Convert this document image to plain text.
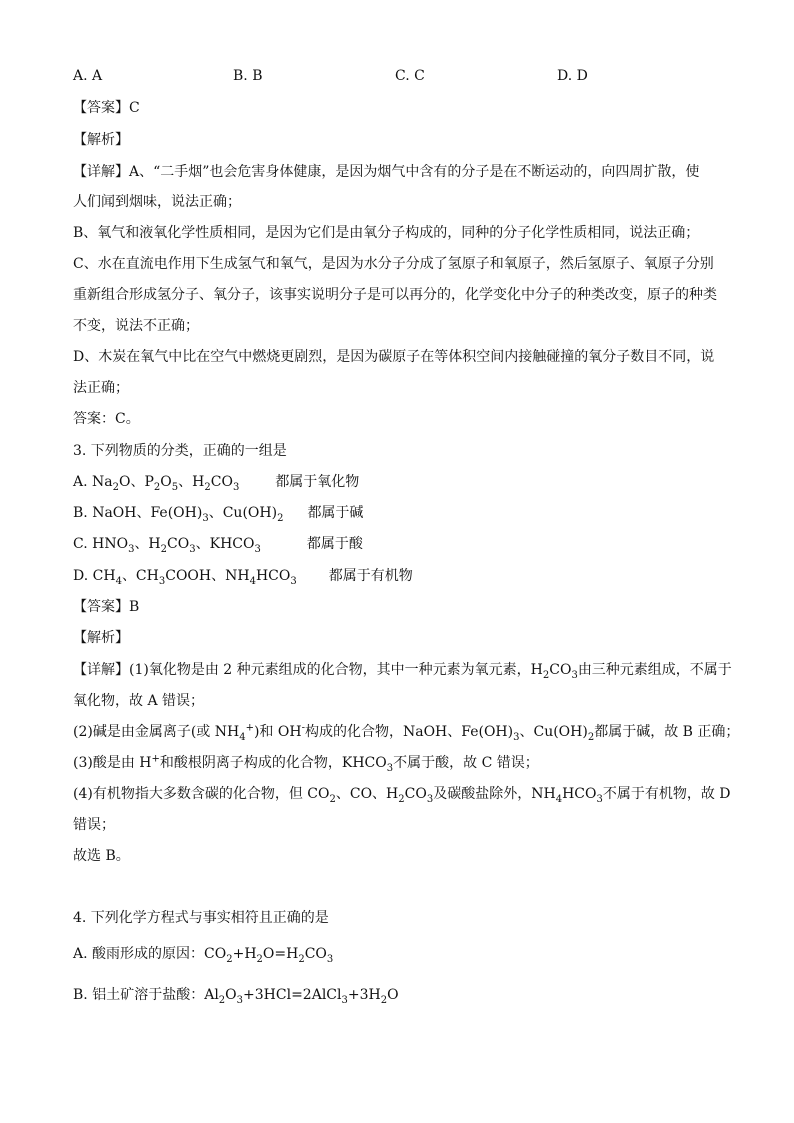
A. A	B. B	C. C	D. D
【答案】C
【解析】
【详解】A、“二手烟”也会危害身体健康，是因为烟气中含有的分子是在不断运动的，向四周扩散，使
人们闻到烟味，说法正确；
B、氧气和液氧化学性质相同，是因为它们是由氧分子构成的，同种的分子化学性质相同，说法正确；
C、水在直流电作用下生成氢气和氧气，是因为水分子分成了氢原子和氧原子，然后氢原子、氧原子分别
重新组合形成氢分子、氧分子，该事实说明分子是可以再分的，化学变化中分子的种类改变，原子的种类
不变，说法不正确；
D、木炭在氧气中比在空气中燃烧更剧烈，是因为碳原子在等体积空间内接触碰撞的氧分子数目不同，说
法正确；
答案：C。
3. 下列物质的分类，正确的一组是
A. $Na_2O$、$P_2O_5$、$H_2CO_3$	都属于氧化物
B. NaOH、$Fe(OH)_3$、$Cu(OH)_2$ 都属于碱
C. $HNO_3$、$H_2CO_3$、$KHCO_3$	都属于酸
D. $CH_4$、$CH_3COOH$、$NH_4HCO_3$ 都属于有机物
【答案】B
【解析】
【详解】(1)氧化物是由 2 种元素组成的化合物，其中一种元素为氧元素，$H_2CO_3$由三种元素组成，不属于
氧化物，故 A 错误；
(2)碱是由金属离子(或 $NH_4^+$)和 OH-构成的化合物，NaOH、$Fe(OH)_3$、$Cu(OH)_2$都属于碱，故 B 正确；
(3)酸是由 H+和酸根阴离子构成的化合物，$KHCO_3$不属于酸，故 C 错误；
(4)有机物指大多数含碳的化合物，但 $CO_2$、CO、$H_2CO_3$及碳酸盐除外，$NH_4HCO_3$不属于有机物，故 D
错误；
故选 B。
4. 下列化学方程式与事实相符且正确的是
A. 酸雨形成的原因：$CO_2+H_2O=H_2CO_3$
B. 铝土矿溶于盐酸：$Al_2O_3+3HCl=2AlCl_3+3H_2O$
